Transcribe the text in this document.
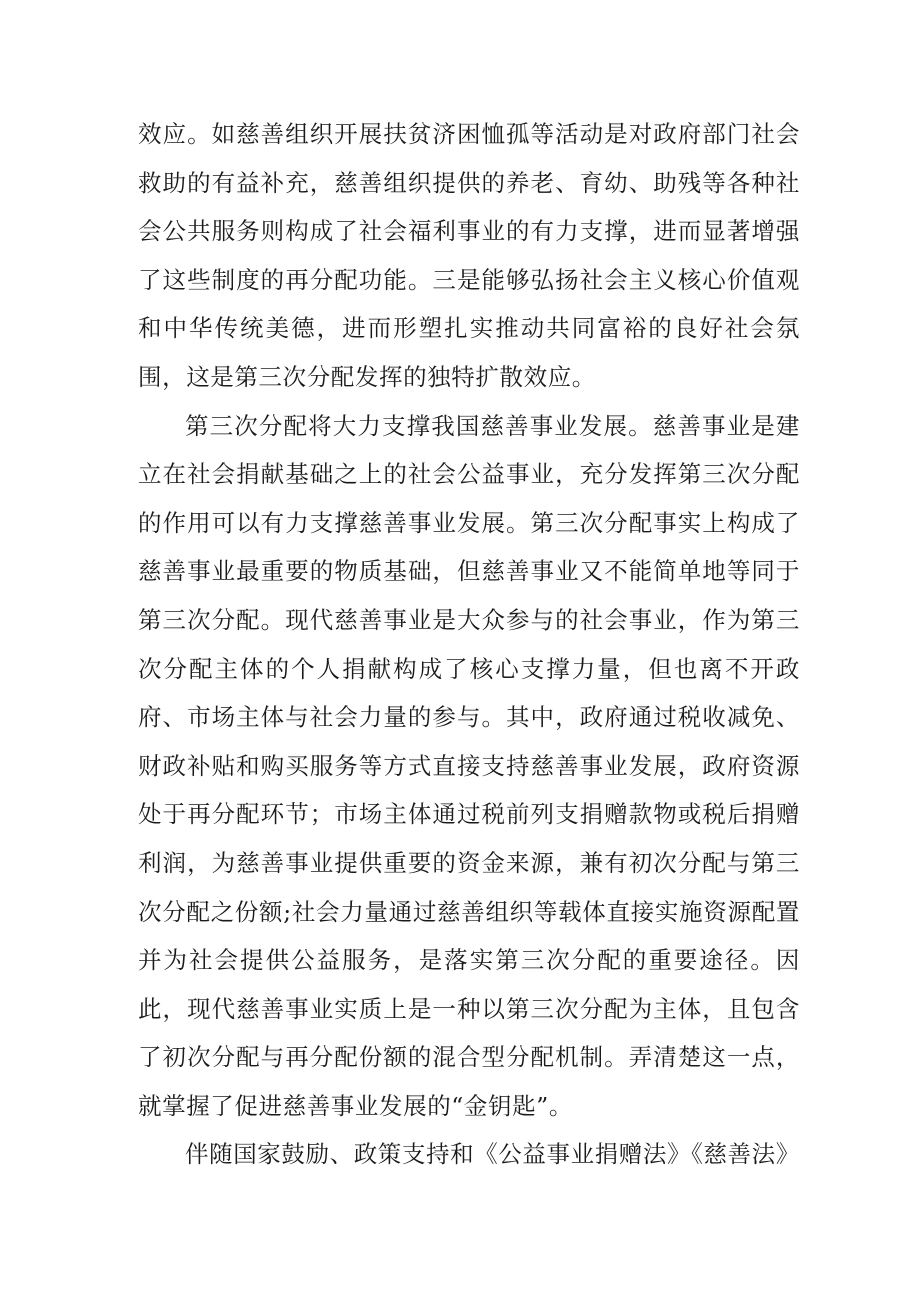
效应。如慈善组织开展扶贫济困恤孤等活动是对政府部门社会救助的有益补充，慈善组织提供的养老、育幼、助残等各种社会公共服务则构成了社会福利事业的有力支撑，进而显著增强了这些制度的再分配功能。三是能够弘扬社会主义核心价值观和中华传统美德，进而形塑扎实推动共同富裕的良好社会氛围，这是第三次分配发挥的独特扩散效应。

第三次分配将大力支撑我国慈善事业发展。慈善事业是建立在社会捐献基础之上的社会公益事业，充分发挥第三次分配的作用可以有力支撑慈善事业发展。第三次分配事实上构成了慈善事业最重要的物质基础，但慈善事业又不能简单地等同于第三次分配。现代慈善事业是大众参与的社会事业，作为第三次分配主体的个人捐献构成了核心支撑力量，但也离不开政府、市场主体与社会力量的参与。其中，政府通过税收减免、财政补贴和购买服务等方式直接支持慈善事业发展，政府资源处于再分配环节；市场主体通过税前列支捐赠款物或税后捐赠利润，为慈善事业提供重要的资金来源，兼有初次分配与第三次分配之份额;社会力量通过慈善组织等载体直接实施资源配置并为社会提供公益服务，是落实第三次分配的重要途径。因此，现代慈善事业实质上是一种以第三次分配为主体，且包含了初次分配与再分配份额的混合型分配机制。弄清楚这一点，就掌握了促进慈善事业发展的“金钥匙”。

伴随国家鼓励、政策支持和《公益事业捐赠法》《慈善法》
